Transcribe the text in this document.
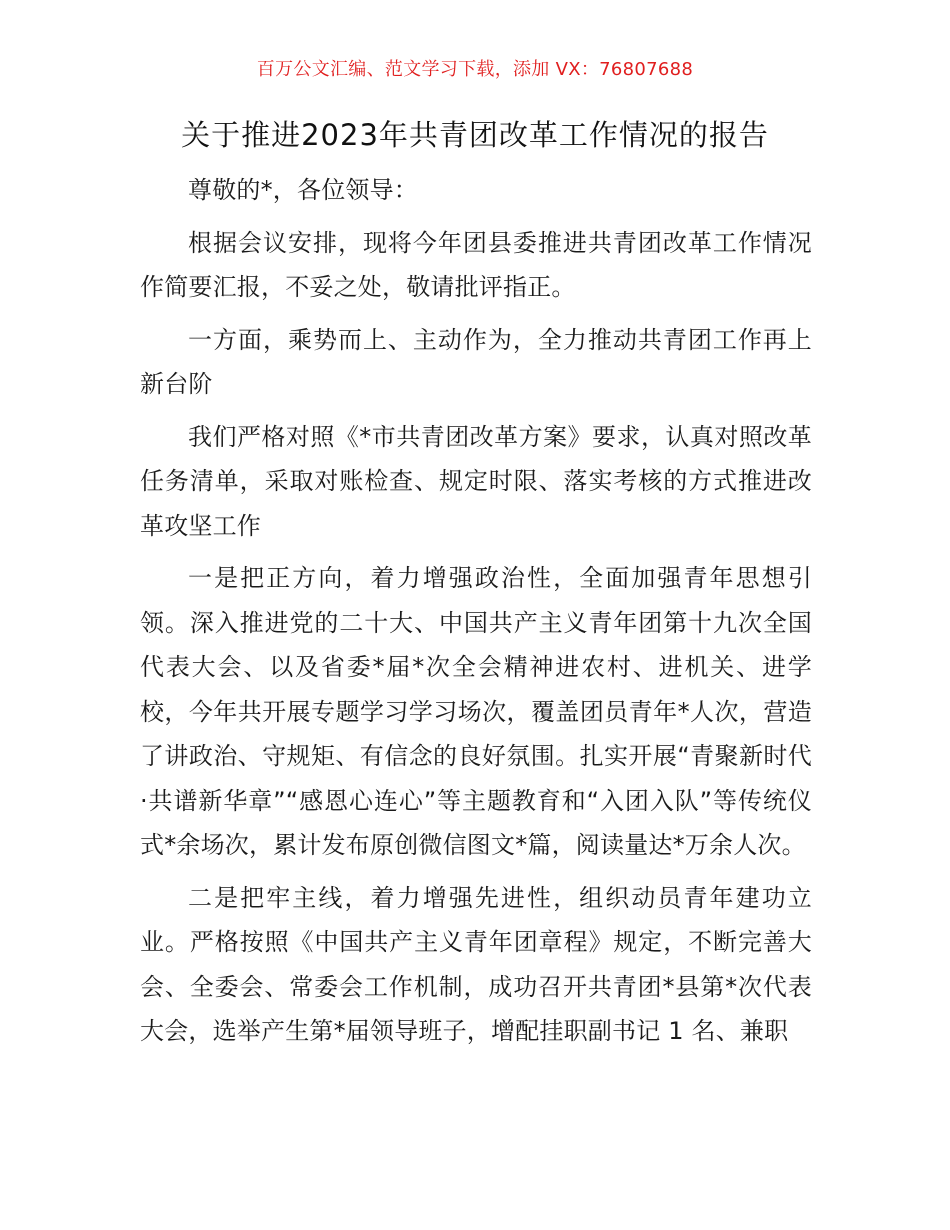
百万公文汇编、范文学习下载，添加 VX：76807688
关于推进2023年共青团改革工作情况的报告

尊敬的*，各位领导：

根据会议安排，现将今年团县委推进共青团改革工作情况作简要汇报，不妥之处，敬请批评指正。

一方面，乘势而上、主动作为，全力推动共青团工作再上新台阶

我们严格对照《*市共青团改革方案》要求，认真对照改革任务清单，采取对账检查、规定时限、落实考核的方式推进改革攻坚工作

一是把正方向，着力增强政治性，全面加强青年思想引领。深入推进党的二十大、中国共产主义青年团第十九次全国代表大会、以及省委*届*次全会精神进农村、进机关、进学校，今年共开展专题学习学习场次，覆盖团员青年*人次，营造了讲政治、守规矩、有信念的良好氛围。扎实开展“青聚新时代·共谱新华章”“感恩心连心”等主题教育和“入团入队”等传统仪式*余场次，累计发布原创微信图文*篇，阅读量达*万余人次。

二是把牢主线，着力增强先进性，组织动员青年建功立业。严格按照《中国共产主义青年团章程》规定，不断完善大会、全委会、常委会工作机制，成功召开共青团*县第*次代表大会，选举产生第*届领导班子，增配挂职副书记 1 名、兼职
